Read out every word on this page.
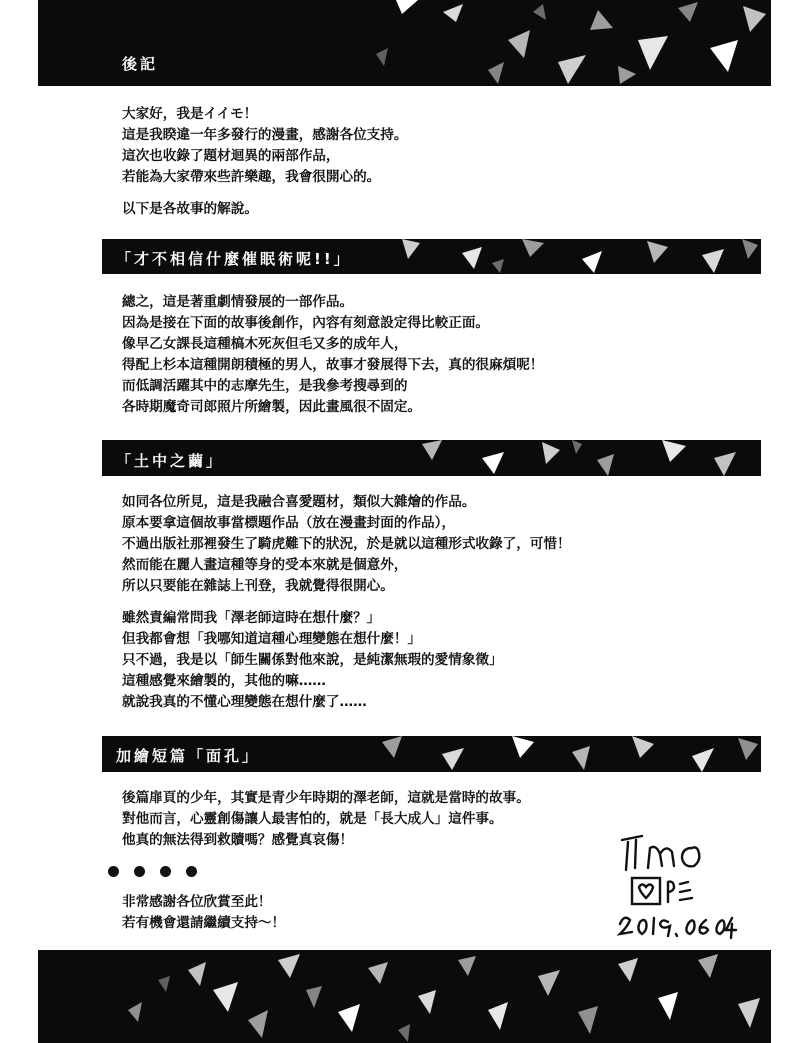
後記
大家好，我是イイモ！
這是我睽違一年多發行的漫畫，感謝各位支持。
這次也收錄了題材迴異的兩部作品，
若能為大家帶來些許樂趣，我會很開心的。
以下是各故事的解說。
「才不相信什麼催眠術呢!!」
總之，這是著重劇情發展的一部作品。
因為是接在下面的故事後創作，內容有刻意設定得比較正面。
像早乙女課長這種槁木死灰但毛又多的成年人，
得配上杉本這種開朗積極的男人，故事才發展得下去，真的很麻煩呢！
而低調活躍其中的志摩先生，是我參考搜尋到的
各時期魔奇司郎照片所繪製，因此畫風很不固定。
「土中之繭」
如同各位所見，這是我融合喜愛題材，類似大雜燴的作品。
原本要拿這個故事當標題作品（放在漫畫封面的作品），
不過出版社那裡發生了騎虎難下的狀況，於是就以這種形式收錄了，可惜！
然而能在麗人畫這種等身的受本來就是個意外，
所以只要能在雜誌上刊登，我就覺得很開心。
雖然責編常問我「澤老師這時在想什麼？」
但我都會想「我哪知道這種心理變態在想什麼！」
只不過，我是以「師生關係對他來說，是純潔無瑕的愛情象徵」
這種感覺來繪製的，其他的嘛……
就說我真的不懂心理變態在想什麼了……
加繪短篇「面孔」
後篇扉頁的少年，其實是青少年時期的澤老師，這就是當時的故事。
對他而言，心靈創傷讓人最害怕的，就是「長大成人」這件事。
他真的無法得到救贖嗎？感覺真哀傷！
非常感謝各位欣賞至此！
若有機會還請繼續支持～！
